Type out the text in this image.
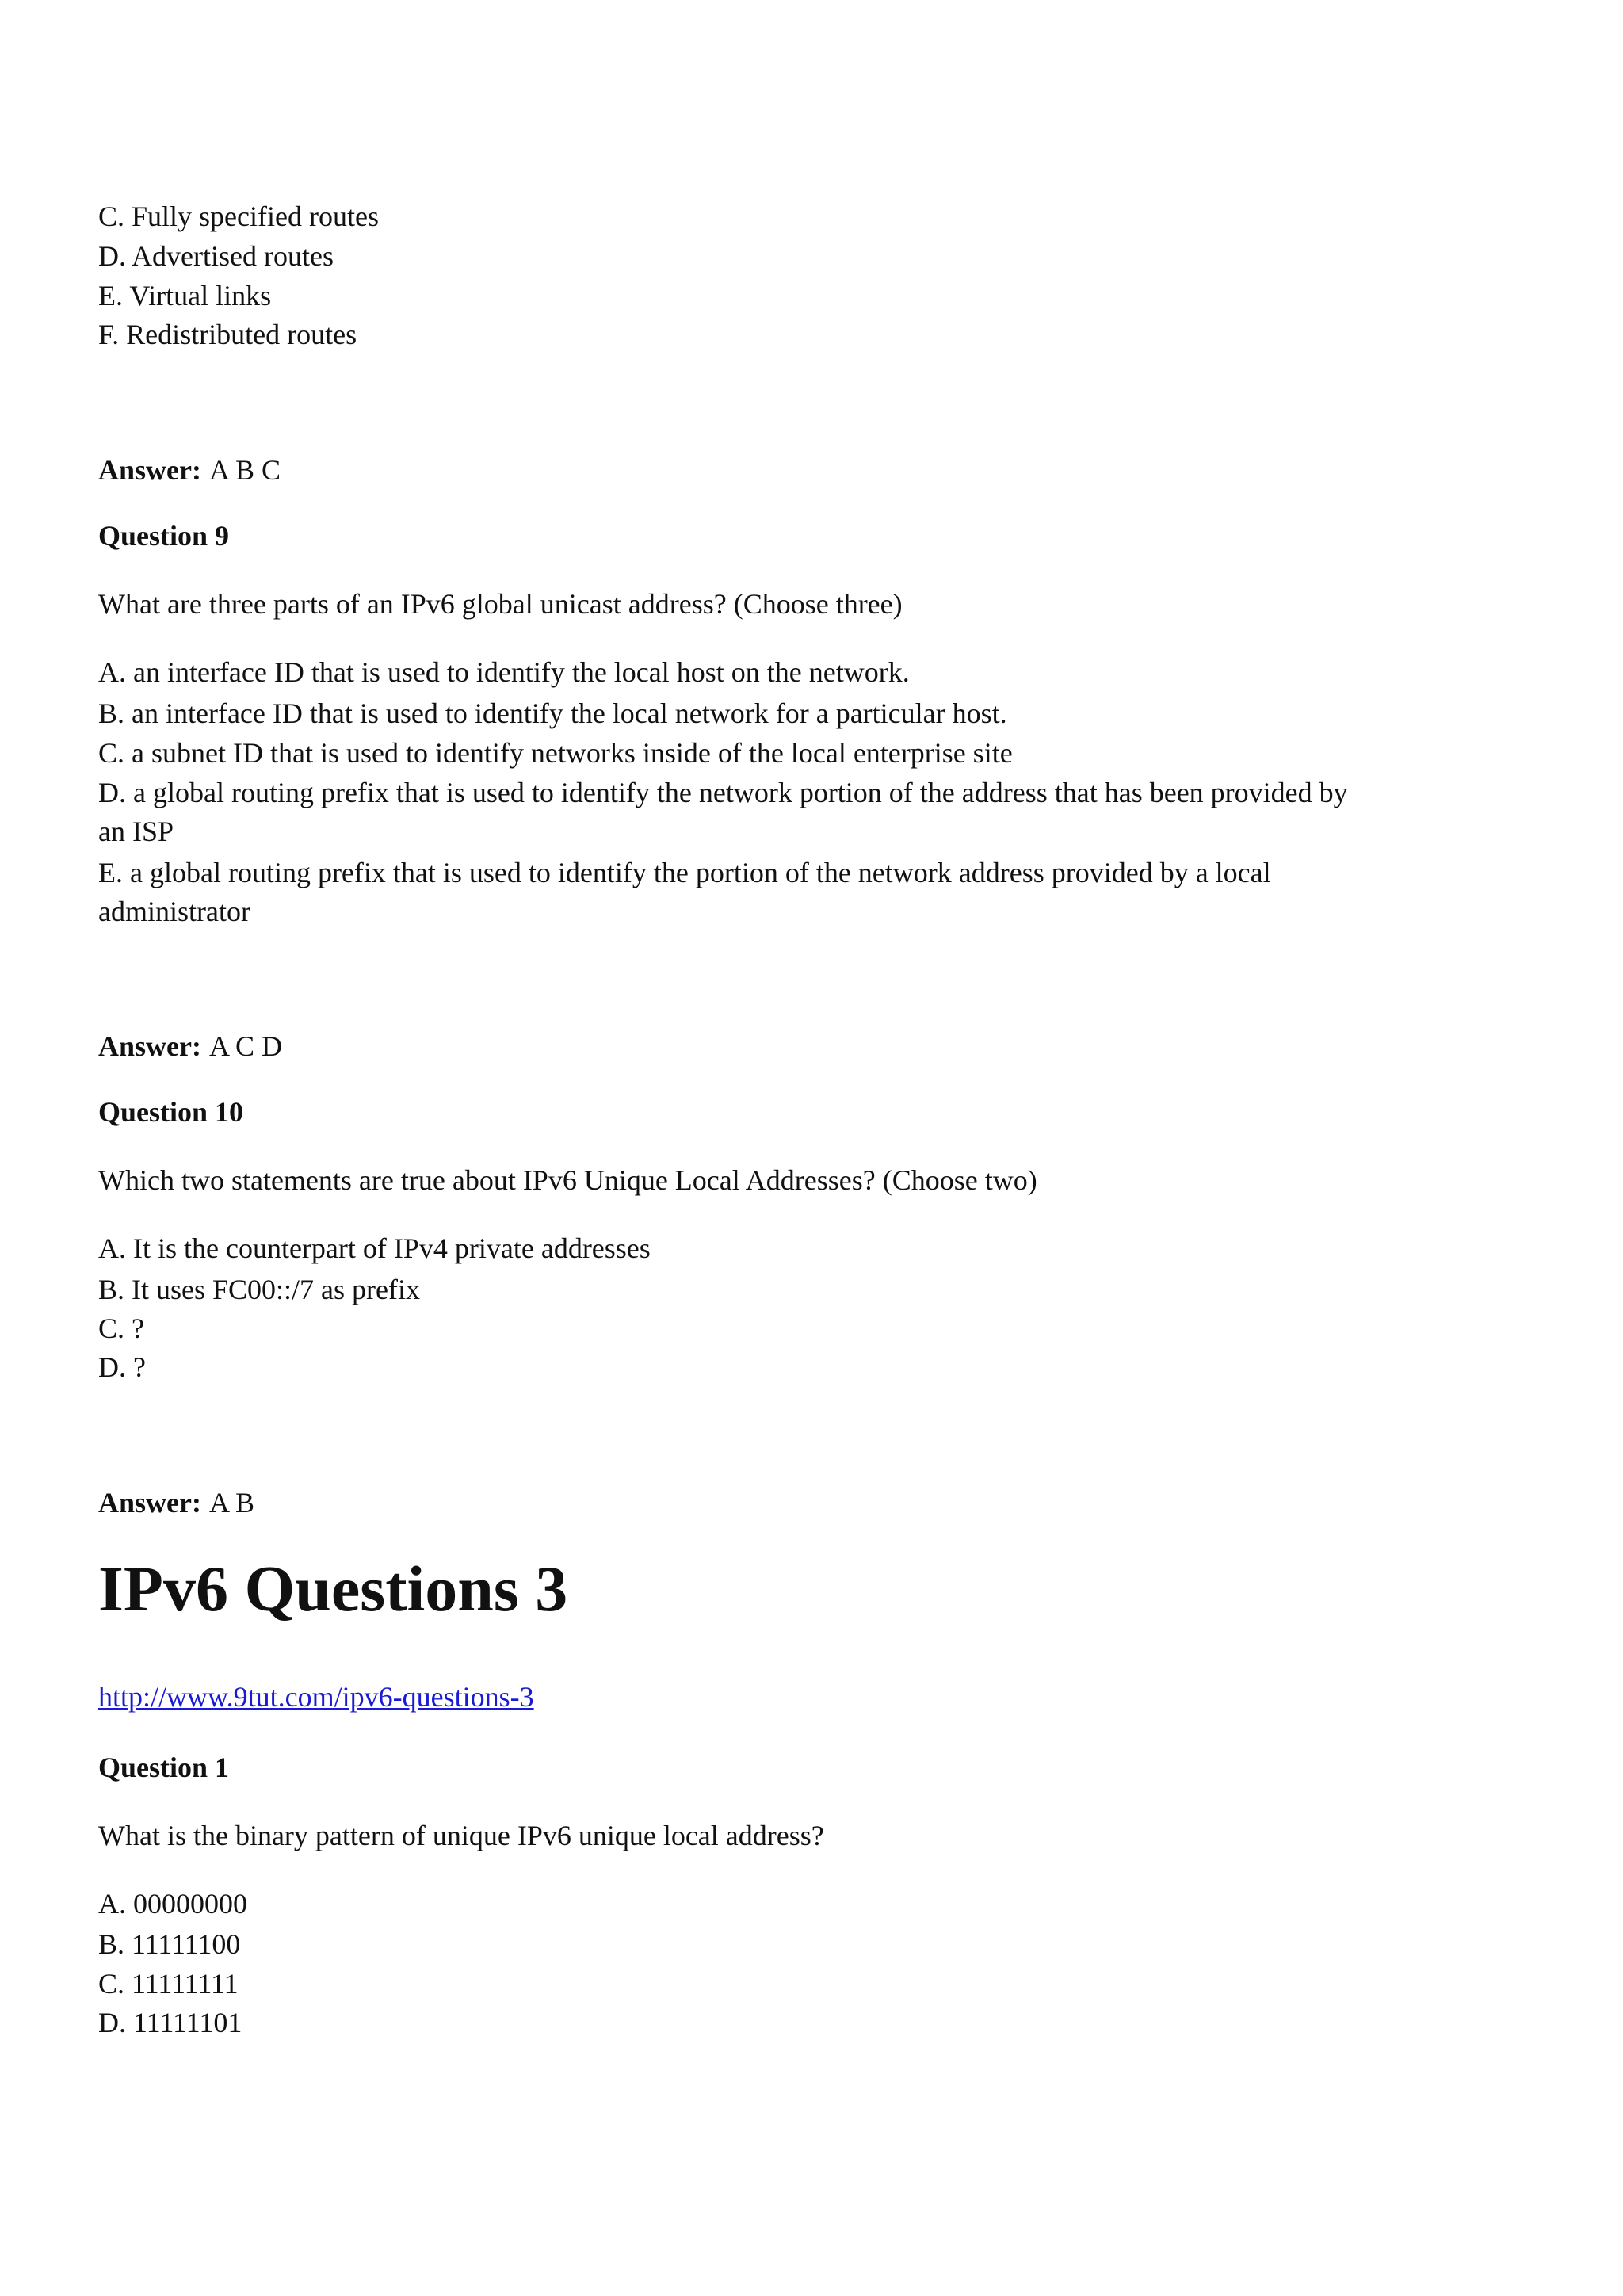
C. Fully specified routes
D. Advertised routes
E. Virtual links
F. Redistributed routes
Answer: A B C
Question 9
What are three parts of an IPv6 global unicast address? (Choose three)
A. an interface ID that is used to identify the local host on the network.
B. an interface ID that is used to identify the local network for a particular host.
C. a subnet ID that is used to identify networks inside of the local enterprise site
D. a global routing prefix that is used to identify the network portion of the address that has been provided by
an ISP
E. a global routing prefix that is used to identify the portion of the network address provided by a local
administrator
Answer: A C D
Question 10
Which two statements are true about IPv6 Unique Local Addresses? (Choose two)
A. It is the counterpart of IPv4 private addresses
B. It uses FC00::/7 as prefix
C. ?
D. ?
Answer: A B
IPv6 Questions 3
http://www.9tut.com/ipv6-questions-3
Question 1
What is the binary pattern of unique IPv6 unique local address?
A. 00000000
B. 11111100
C. 11111111
D. 11111101
